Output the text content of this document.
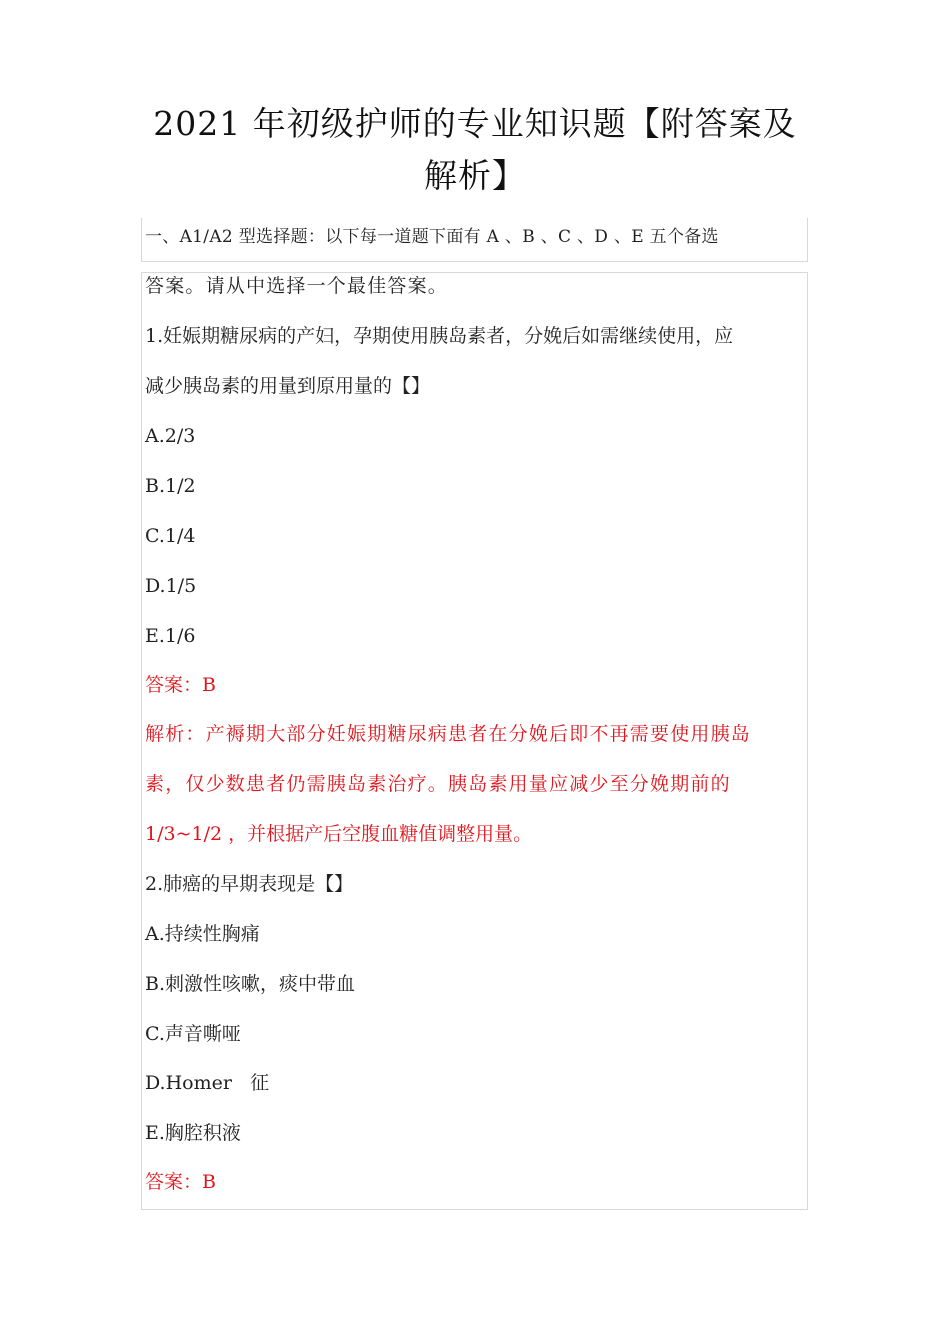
2021 年初级护师的专业知识题【附答案及
解析】
一、A1/A2 型选择题：以下每一道题下面有 A 、B 、C 、D 、E 五个备选
答案。请从中选择一个最佳答案。
1.妊娠期糖尿病的产妇，孕期使用胰岛素者，分娩后如需继续使用，应
减少胰岛素的用量到原用量的【】
A.2/3
B.1/2
C.1/4
D.1/5
E.1/6
答案：B
解析：产褥期大部分妊娠期糖尿病患者在分娩后即不再需要使用胰岛
素，仅少数患者仍需胰岛素治疗。胰岛素用量应减少至分娩期前的
1/3~1/2 ，并根据产后空腹血糖值调整用量。
2.肺癌的早期表现是【】
A.持续性胸痛
B.刺激性咳嗽，痰中带血
C.声音嘶哑
D.Homer   征
E.胸腔积液
答案：B
